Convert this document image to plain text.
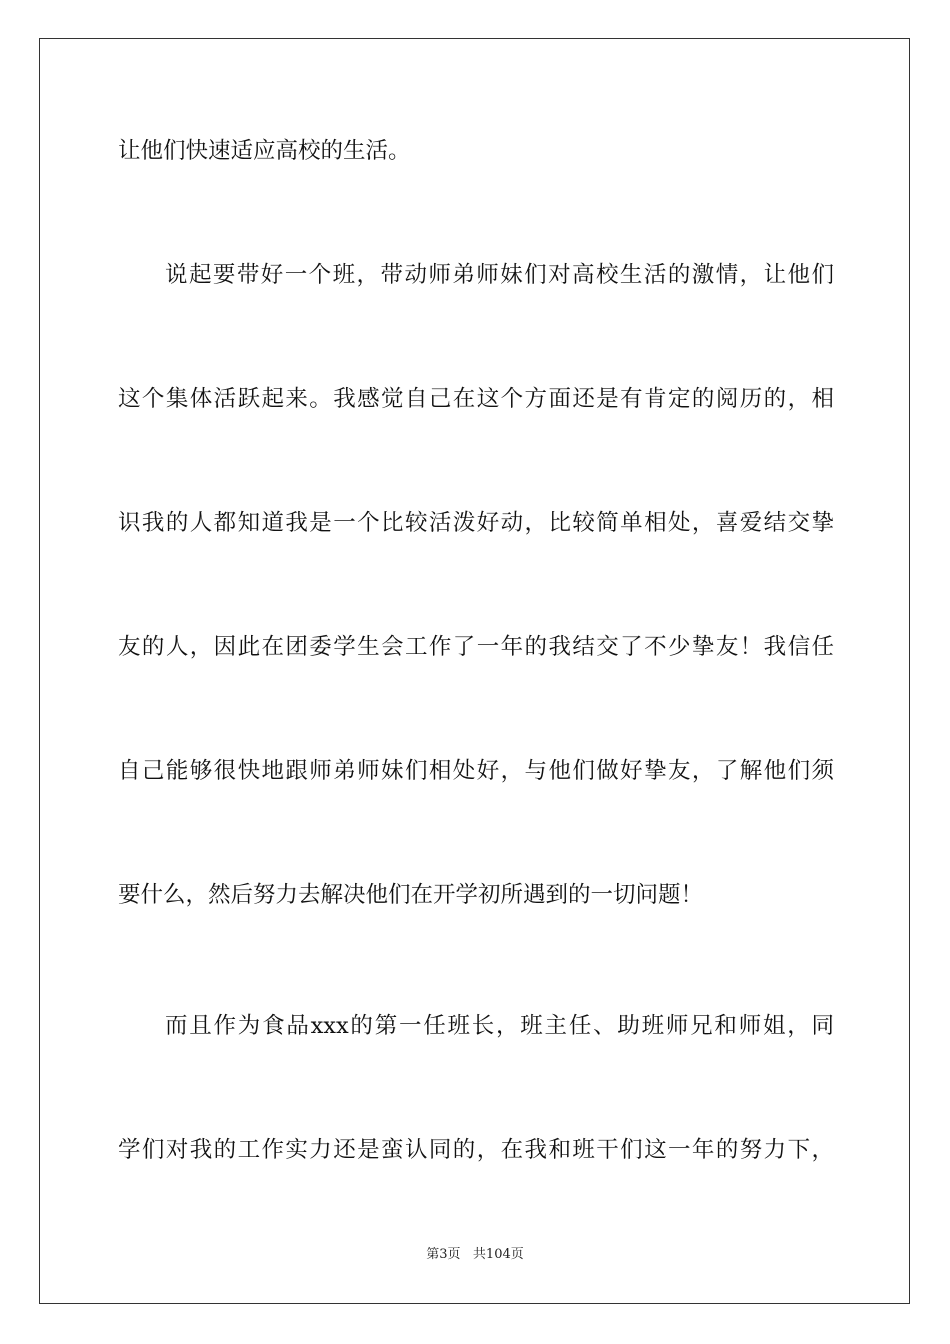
让他们快速适应高校的生活。
说起要带好一个班，带动师弟师妹们对高校生活的激情，让他们
这个集体活跃起来。我感觉自己在这个方面还是有肯定的阅历的，相
识我的人都知道我是一个比较活泼好动，比较简单相处，喜爱结交挚
友的人，因此在团委学生会工作了一年的我结交了不少挚友！我信任
自己能够很快地跟师弟师妹们相处好，与他们做好挚友，了解他们须
要什么，然后努力去解决他们在开学初所遇到的一切问题！
而且作为食品xxx的第一任班长，班主任、助班师兄和师姐，同
学们对我的工作实力还是蛮认同的，在我和班干们这一年的努力下，
第3页   共104页
